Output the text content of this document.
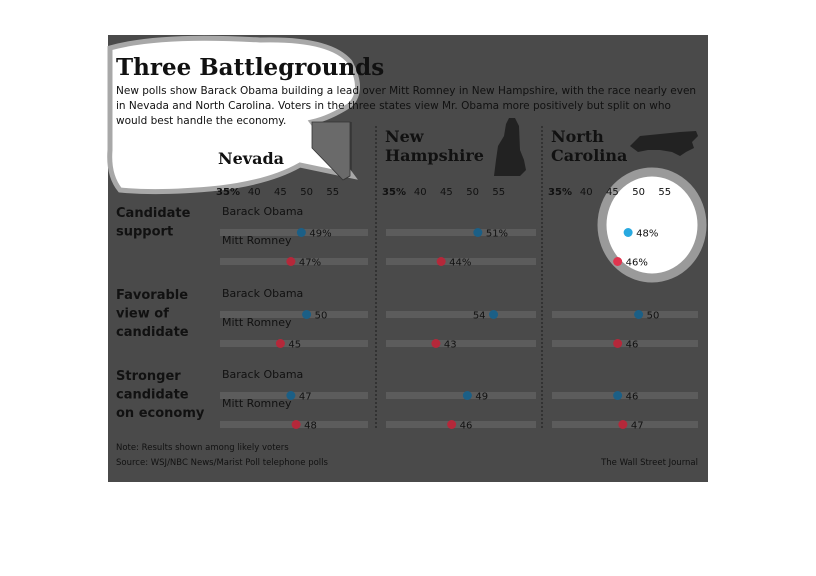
Three Battlegrounds
New polls show Barack Obama building a lead over Mitt Romney in New Hampshire, with the race nearly even
in Nevada and North Carolina. Voters in the three states view Mr. Obama more positively but split on who
would best handle the economy.
Nevada
35% 40 45 50 55
New
Hampshire
35% 40 45 50 55
North
Carolina
35% 40 45 50 55
Candidate
support
Favorable
view of
candidate
Stronger
candidate
on economy
Barack Obama
49%	51%	48%
Mitt Romney
47%	44%	46%
Barack Obama
50	54	50
Mitt Romney
45	43	46
Barack Obama
47	49	46
Mitt Romney
48	46	47
Note: Results shown among likely voters
Source: WSJ/NBC News/Marist Poll telephone polls	The Wall Street Journal
